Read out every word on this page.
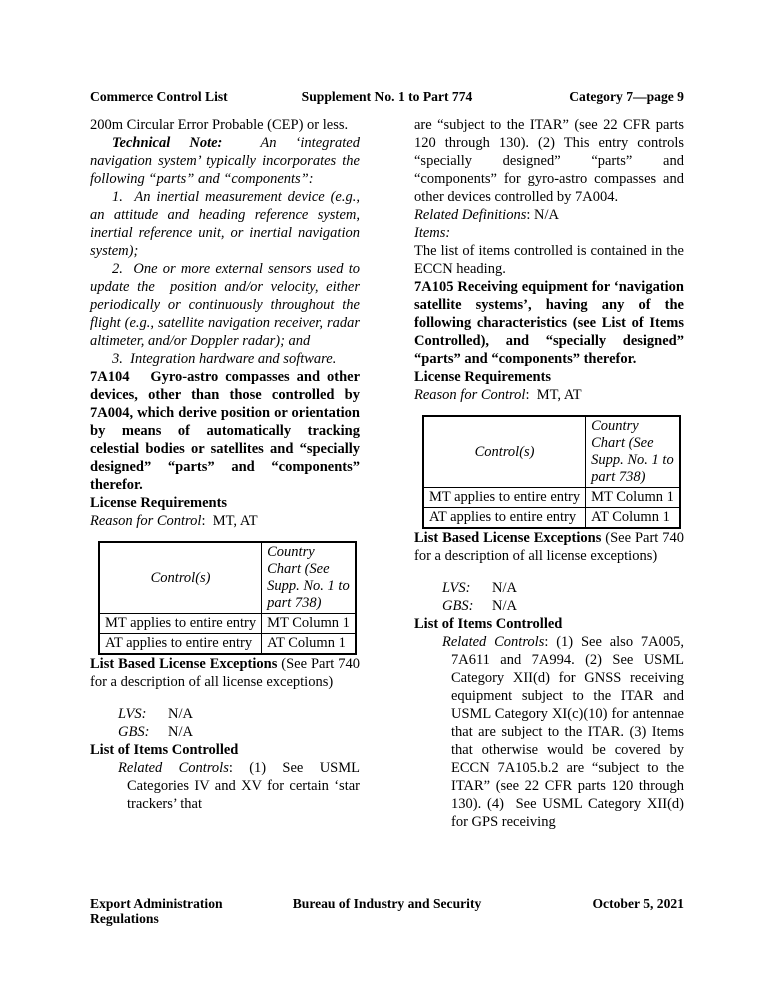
Commerce Control List	Supplement No. 1 to Part 774	Category 7—page 9

200m Circular Error Probable (CEP) or less.

Technical Note:  An ‘integrated navigation system’ typically incorporates the following “parts” and “components”:

1.  An inertial measurement device (e.g., an attitude and heading reference system, inertial reference unit, or inertial navigation system);

2.  One or more external sensors used to update the  position and/or velocity, either periodically or continuously throughout the flight (e.g., satellite navigation receiver, radar altimeter, and/or Doppler radar); and

3.  Integration hardware and software.

7A104   Gyro-astro compasses and other devices, other than those controlled by 7A004, which derive position or orientation by means of automatically tracking celestial bodies or satellites and “specially designed” “parts” and “components” therefor.

License Requirements

Reason for Control:  MT, AT

Control(s)	Country Chart (See Supp. No. 1 to part 738)
MT applies to entire entry	MT Column 1
AT applies to entire entry	AT Column 1

List Based License Exceptions (See Part 740 for a description of all license exceptions)

LVS: N/A

GBS: N/A

List of Items Controlled

Related Controls: (1) See USML Categories IV and XV for certain ‘star trackers’ that

are “subject to the ITAR” (see 22 CFR parts 120 through 130). (2) This entry controls “specially designed” “parts” and “components” for gyro-astro compasses and other devices controlled by 7A004.

Related Definitions: N/A

Items:

The list of items controlled is contained in the ECCN heading.

7A105 Receiving equipment for ‘navigation satellite systems’, having any of the following characteristics (see List of Items Controlled), and “specially designed” “parts” and “components” therefor.

License Requirements

Reason for Control:  MT, AT

Control(s)	Country Chart (See Supp. No. 1 to part 738)
MT applies to entire entry	MT Column 1
AT applies to entire entry	AT Column 1

List Based License Exceptions (See Part 740 for a description of all license exceptions)

LVS: N/A

GBS: N/A

List of Items Controlled

Related Controls: (1) See also 7A005, 7A611 and 7A994. (2) See USML Category XII(d) for GNSS receiving equipment subject to the ITAR and USML Category XI(c)(10) for antennae that are subject to the ITAR. (3) Items that otherwise would be covered by ECCN 7A105.b.2 are “subject to the ITAR” (see 22 CFR parts 120 through 130). (4)  See USML Category XII(d) for GPS receiving

Export Administration Regulations
Bureau of Industry and Security	October 5, 2021
